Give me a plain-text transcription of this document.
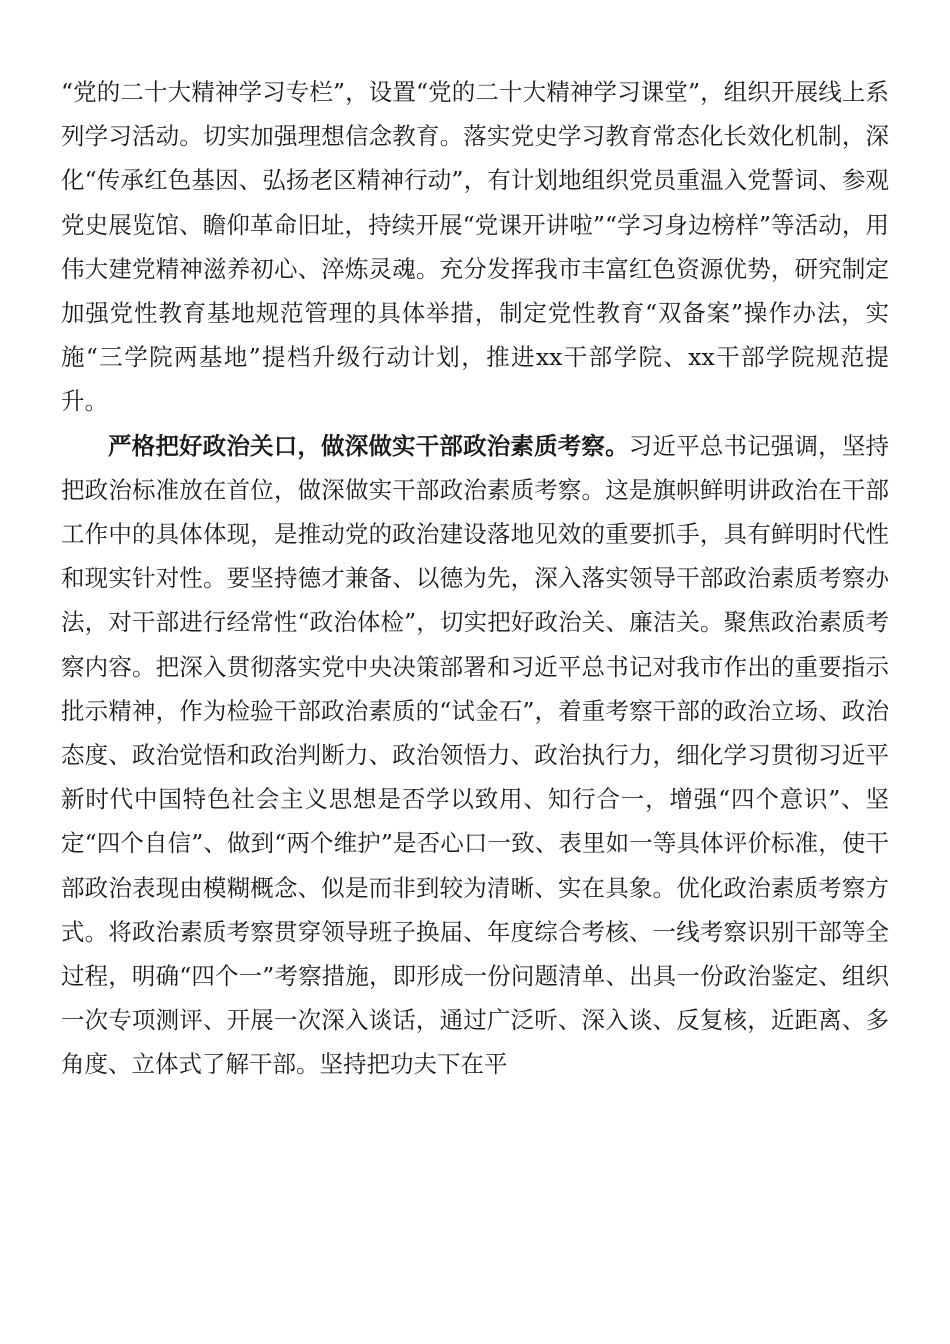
“党的二十大精神学习专栏”，设置“党的二十大精神学习课堂”，组织开展线上系列学习活动。切实加强理想信念教育。落实党史学习教育常态化长效化机制，深化“传承红色基因、弘扬老区精神行动”，有计划地组织党员重温入党誓词、参观党史展览馆、瞻仰革命旧址，持续开展“党课开讲啦”“学习身边榜样”等活动，用伟大建党精神滋养初心、淬炼灵魂。充分发挥我市丰富红色资源优势，研究制定加强党性教育基地规范管理的具体举措，制定党性教育“双备案”操作办法，实施“三学院两基地”提档升级行动计划，推进xx干部学院、xx干部学院规范提升。

严格把好政治关口，做深做实干部政治素质考察。习近平总书记强调，坚持把政治标准放在首位，做深做实干部政治素质考察。这是旗帜鲜明讲政治在干部工作中的具体体现，是推动党的政治建设落地见效的重要抓手，具有鲜明时代性和现实针对性。要坚持德才兼备、以德为先，深入落实领导干部政治素质考察办法，对干部进行经常性“政治体检”，切实把好政治关、廉洁关。聚焦政治素质考察内容。把深入贯彻落实党中央决策部署和习近平总书记对我市作出的重要指示批示精神，作为检验干部政治素质的“试金石”，着重考察干部的政治立场、政治态度、政治觉悟和政治判断力、政治领悟力、政治执行力，细化学习贯彻习近平新时代中国特色社会主义思想是否学以致用、知行合一，增强“四个意识”、坚定“四个自信”、做到“两个维护”是否心口一致、表里如一等具体评价标准，使干部政治表现由模糊概念、似是而非到较为清晰、实在具象。优化政治素质考察方式。将政治素质考察贯穿领导班子换届、年度综合考核、一线考察识别干部等全过程，明确“四个一”考察措施，即形成一份问题清单、出具一份政治鉴定、组织一次专项测评、开展一次深入谈话，通过广泛听、深入谈、反复核，近距离、多角度、立体式了解干部。坚持把功夫下在平
